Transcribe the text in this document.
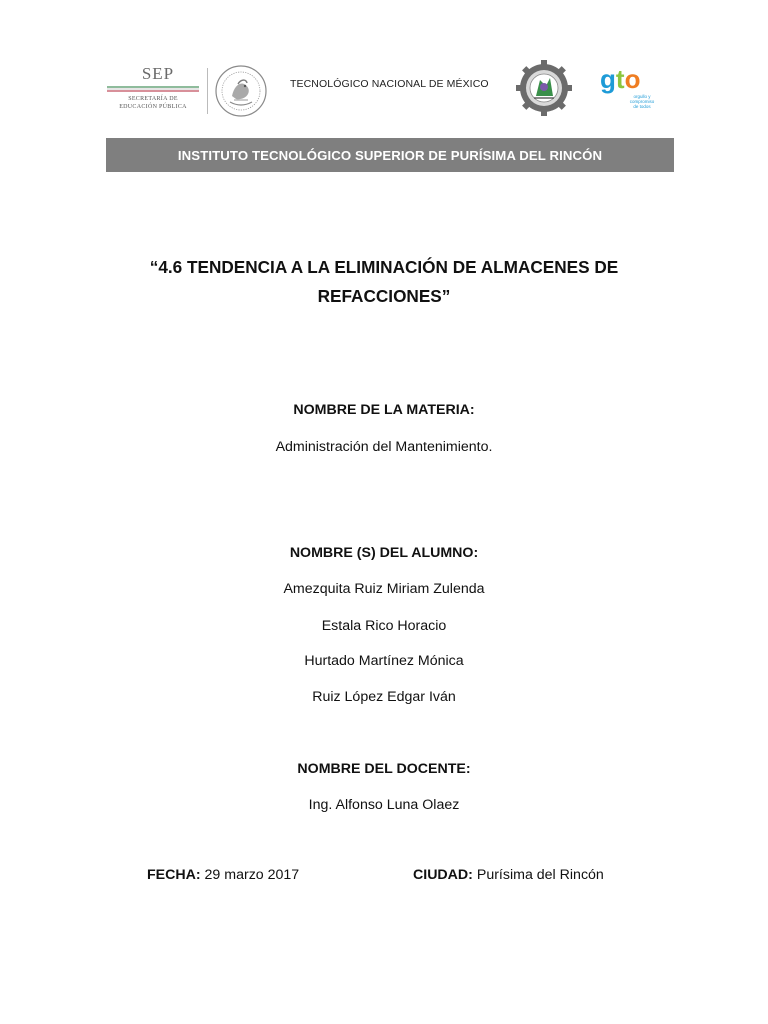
SEP
SECRETARÍA DE
EDUCACIÓN PÚBLICA
TECNOLÓGICO NACIONAL DE MÉXICO	gto
orgullo y
compromiso
de todos
INSTITUTO TECNOLÓGICO SUPERIOR DE PURÍSIMA DEL RINCÓN
“4.6 TENDENCIA A LA ELIMINACIÓN DE ALMACENES DE
REFACCIONES”
NOMBRE DE LA MATERIA:
Administración del Mantenimiento.
NOMBRE (S) DEL ALUMNO:
Amezquita Ruiz Miriam Zulenda
Estala Rico Horacio
Hurtado Martínez Mónica
Ruiz López Edgar Iván
NOMBRE DEL DOCENTE:
Ing. Alfonso Luna Olaez
FECHA: 29 marzo 2017	CIUDAD: Purísima del Rincón
